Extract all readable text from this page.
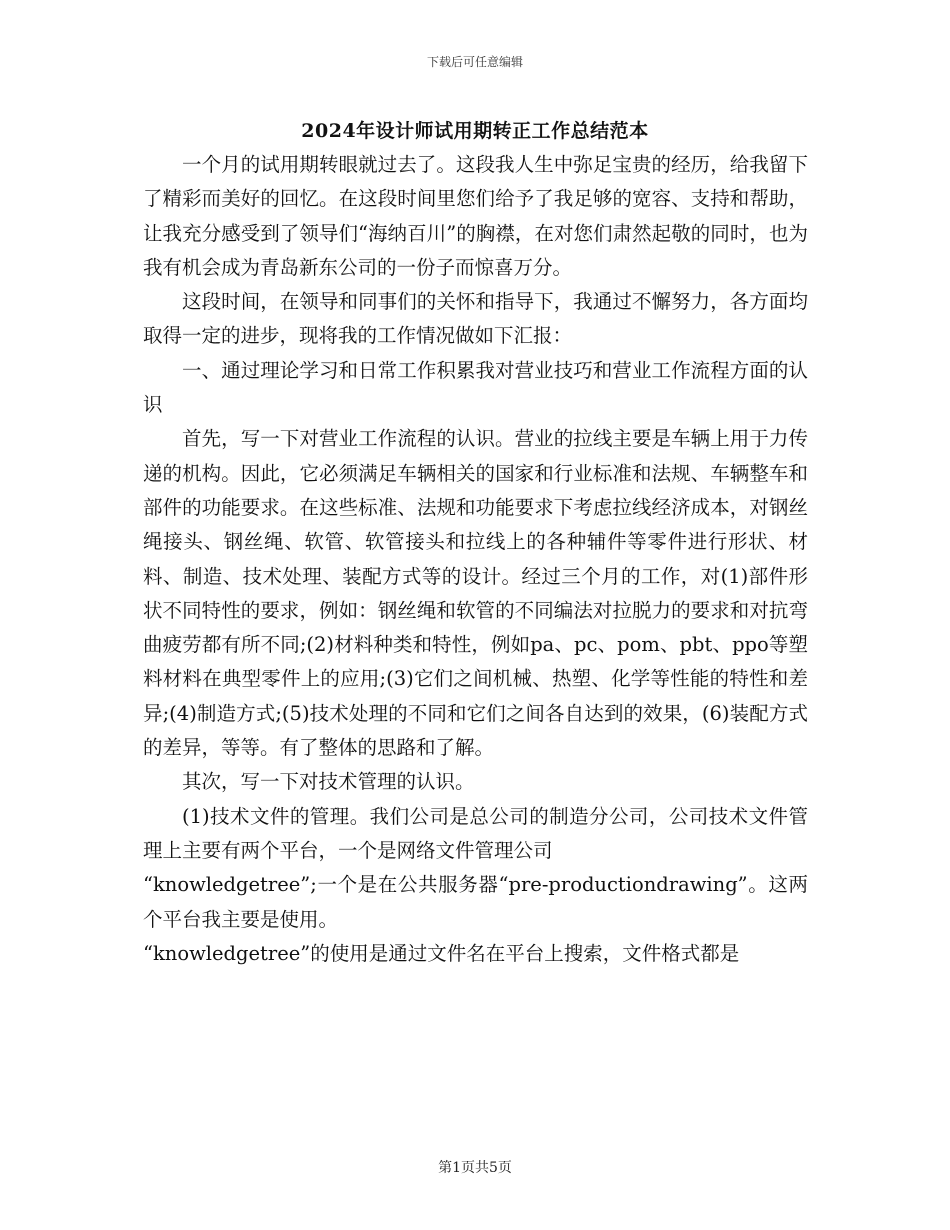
下载后可任意编辑
2024年设计师试用期转正工作总结范本

一个月的试用期转眼就过去了。这段我人生中弥足宝贵的经历，给我留下了精彩而美好的回忆。在这段时间里您们给予了我足够的宽容、支持和帮助，让我充分感受到了领导们“海纳百川”的胸襟，在对您们肃然起敬的同时，也为我有机会成为青岛新东公司的一份子而惊喜万分。

这段时间，在领导和同事们的关怀和指导下，我通过不懈努力，各方面均取得一定的进步，现将我的工作情况做如下汇报：

一、通过理论学习和日常工作积累我对营业技巧和营业工作流程方面的认识

首先，写一下对营业工作流程的认识。营业的拉线主要是车辆上用于力传递的机构。因此，它必须满足车辆相关的国家和行业标准和法规、车辆整车和部件的功能要求。在这些标准、法规和功能要求下考虑拉线经济成本，对钢丝绳接头、钢丝绳、软管、软管接头和拉线上的各种辅件等零件进行形状、材料、制造、技术处理、装配方式等的设计。经过三个月的工作，对(1)部件形状不同特性的要求，例如：钢丝绳和软管的不同编法对拉脱力的要求和对抗弯曲疲劳都有所不同;(2)材料种类和特性，例如pa、pc、pom、pbt、ppo等塑料材料在典型零件上的应用;(3)它们之间机械、热塑、化学等性能的特性和差异;(4)制造方式;(5)技术处理的不同和它们之间各自达到的效果，(6)装配方式的差异，等等。有了整体的思路和了解。

其次，写一下对技术管理的认识。

(1)技术文件的管理。我们公司是总公司的制造分公司，公司技术文件管理上主要有两个平台，一个是网络文件管理公司

“knowledgetree”;一个是在公共服务器“pre-productiondrawing”。这两个平台我主要是使用。

“knowledgetree”的使用是通过文件名在平台上搜索，文件格式都是

第1页共5页
